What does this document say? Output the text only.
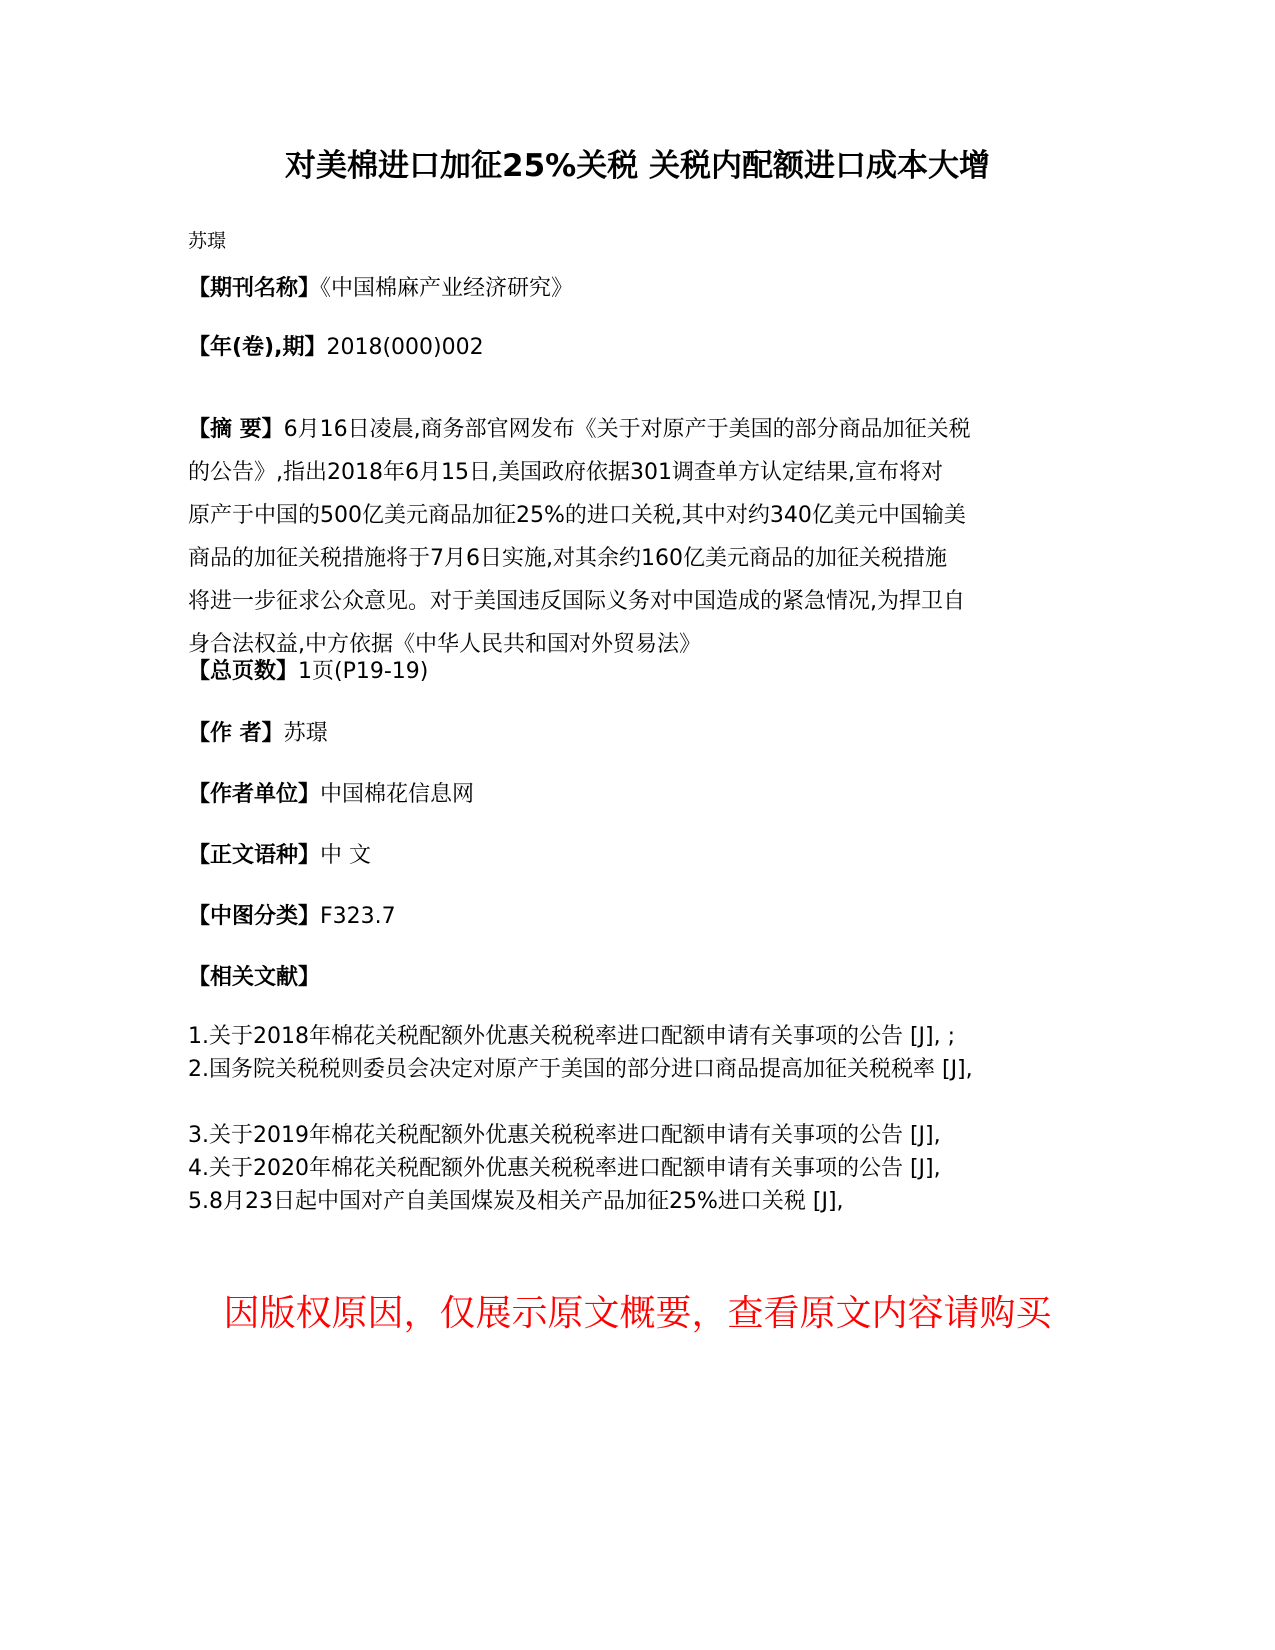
对美棉进口加征25%关税 关税内配额进口成本大增
苏璟
【期刊名称】《中国棉麻产业经济研究》
【年(卷),期】2018(000)002
【摘 要】6月16日凌晨,商务部官网发布《关于对原产于美国的部分商品加征关税
的公告》,指出2018年6月15日,美国政府依据301调查单方认定结果,宣布将对
原产于中国的500亿美元商品加征25%的进口关税,其中对约340亿美元中国输美
商品的加征关税措施将于7月6日实施,对其余约160亿美元商品的加征关税措施
将进一步征求公众意见。对于美国违反国际义务对中国造成的紧急情况,为捍卫自
身合法权益,中方依据《中华人民共和国对外贸易法》
【总页数】1页(P19-19)
【作 者】苏璟
【作者单位】中国棉花信息网
【正文语种】中 文
【中图分类】F323.7
【相关文献】
1.关于2018年棉花关税配额外优惠关税税率进口配额申请有关事项的公告 [J], ;
2.国务院关税税则委员会决定对原产于美国的部分进口商品提高加征关税税率 [J],
3.关于2019年棉花关税配额外优惠关税税率进口配额申请有关事项的公告 [J],
4.关于2020年棉花关税配额外优惠关税税率进口配额申请有关事项的公告 [J],
5.8月23日起中国对产自美国煤炭及相关产品加征25%进口关税 [J],
因版权原因，仅展示原文概要，查看原文内容请购买
